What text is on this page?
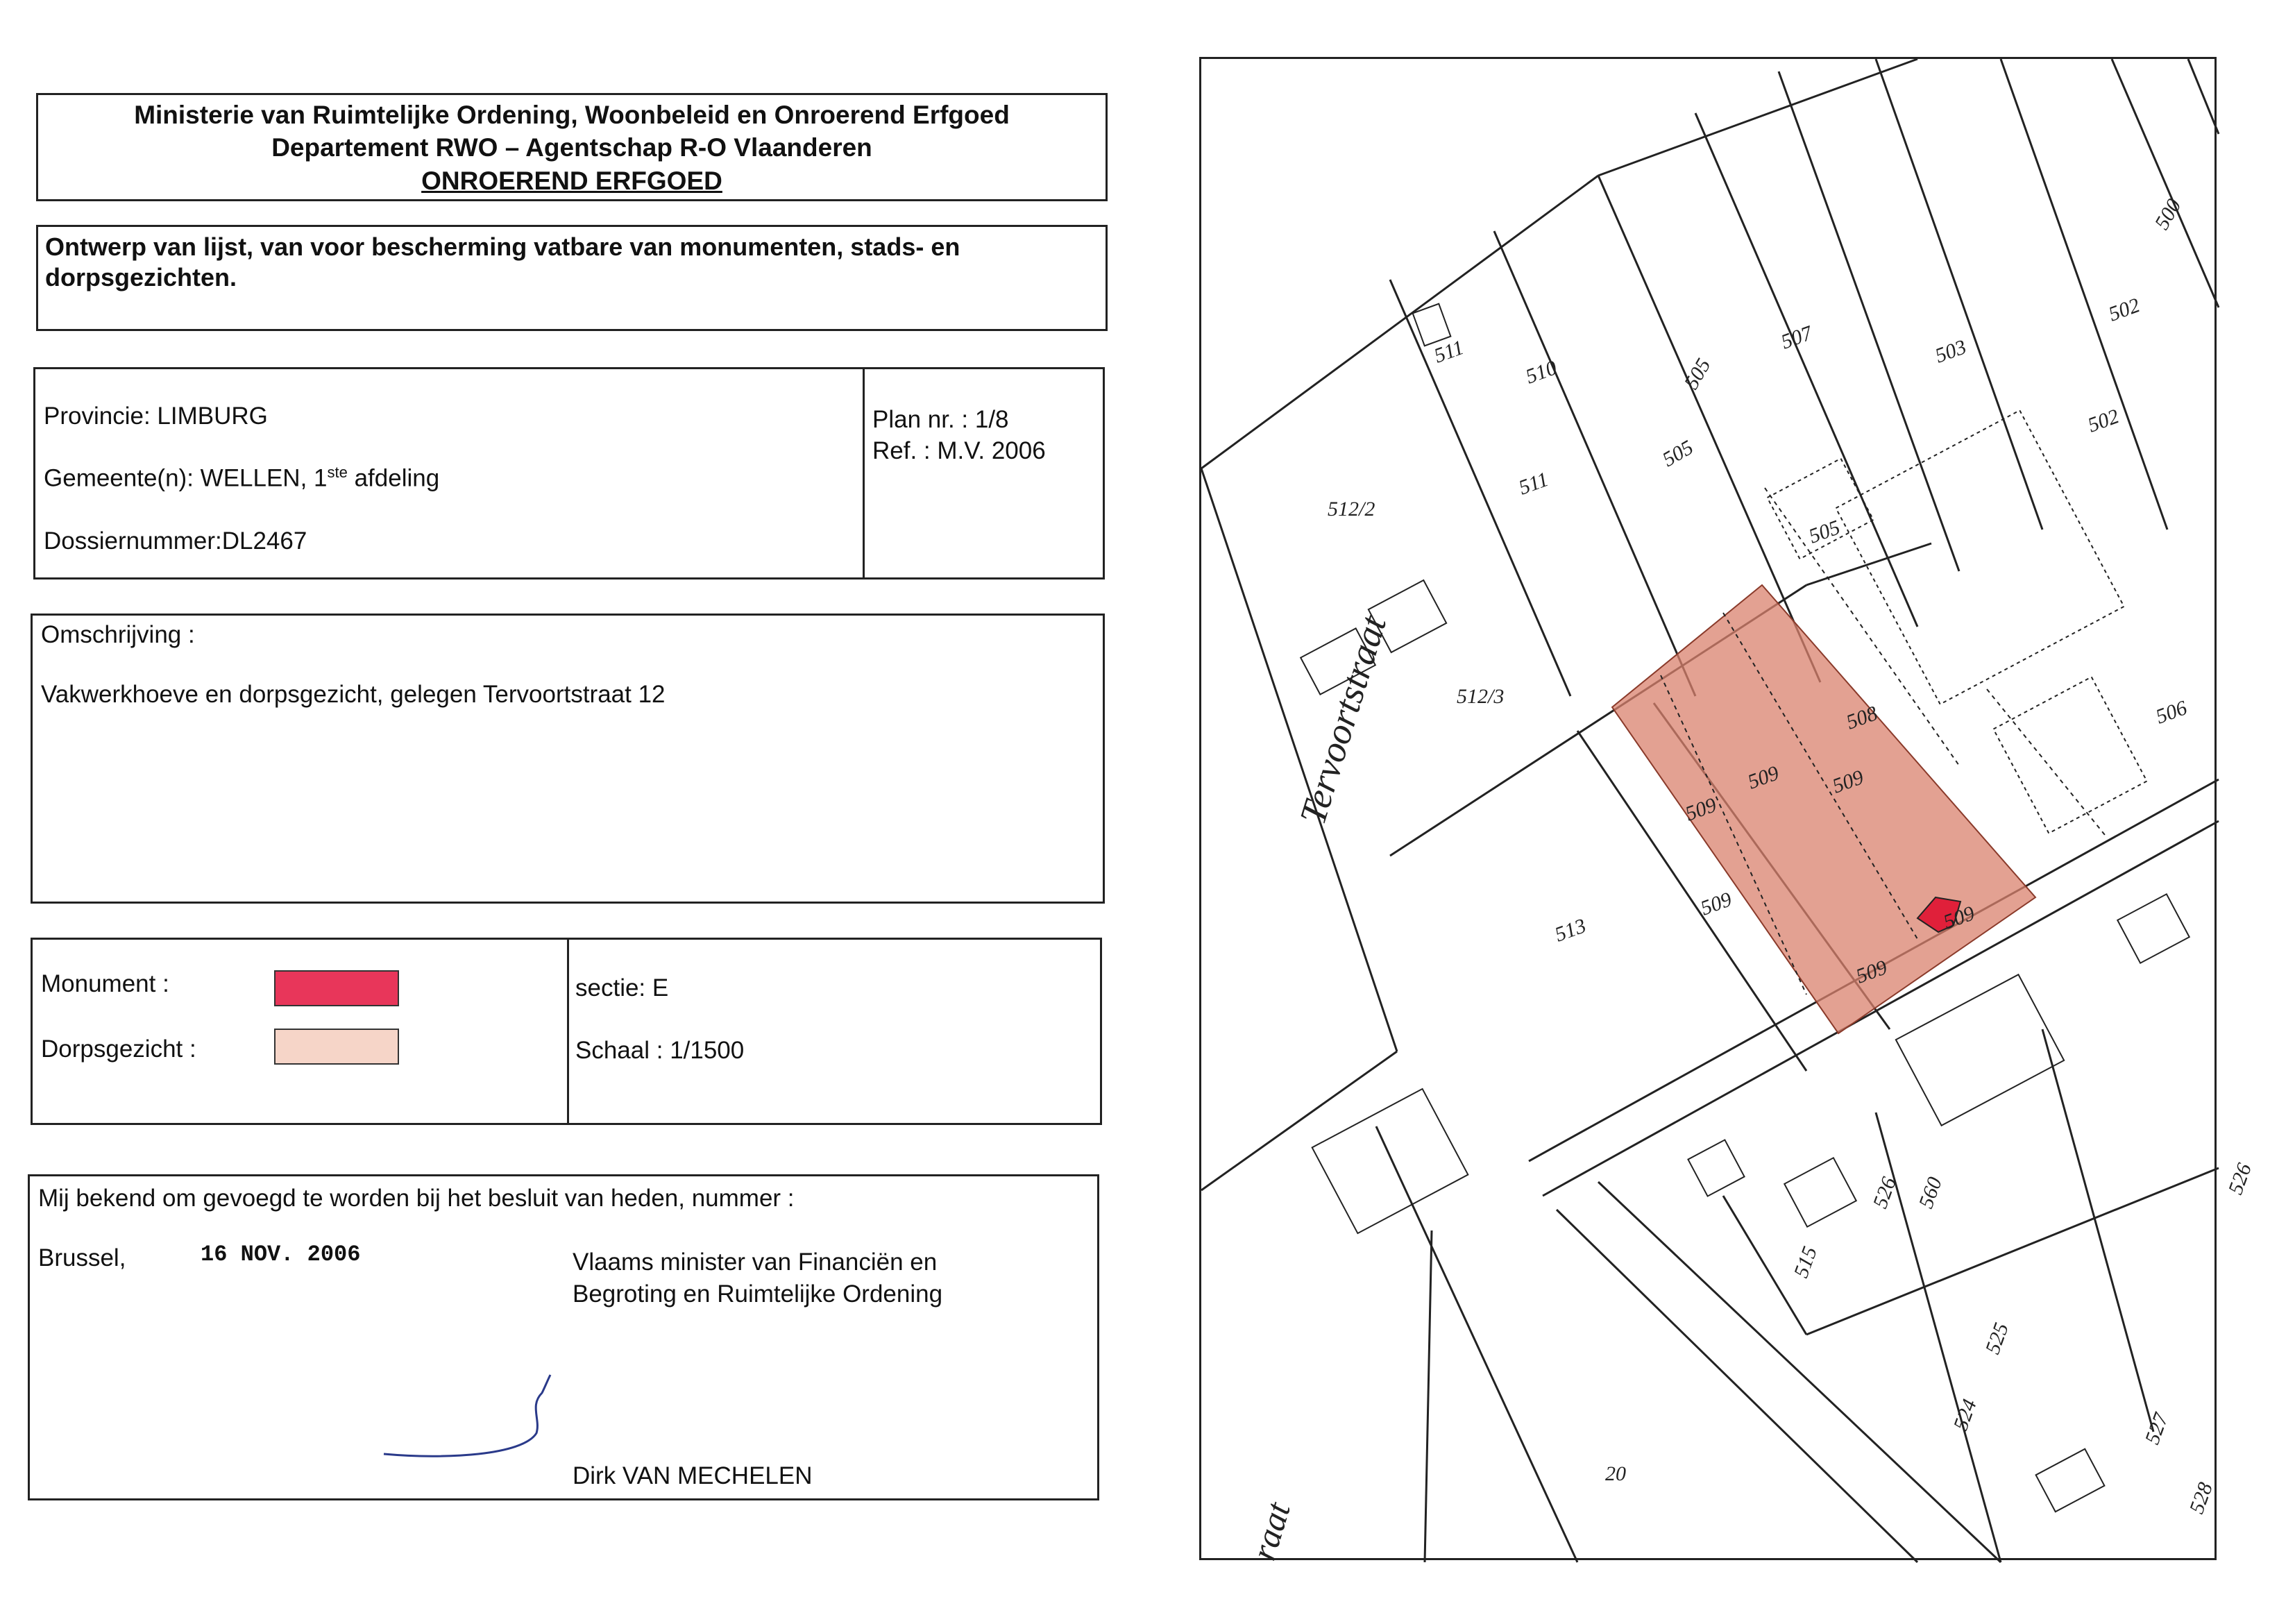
Ministerie van Ruimtelijke Ordening, Woonbeleid en Onroerend Erfgoed
Departement RWO – Agentschap R-O Vlaanderen
ONROEREND ERFGOED
Ontwerp van lijst, van voor bescherming vatbare van monumenten, stads- en
dorpsgezichten.
Provincie: LIMBURG
Gemeente(n): WELLEN, 1ste afdeling
Dossiernummer:DL2467
Plan nr. : 1/8
Ref. : M.V. 2006
Omschrijving :
Vakwerkhoeve en dorpsgezicht, gelegen Tervoortstraat 12
Monument :
Dorpsgezicht :
sectie: E
Schaal : 1/1500
Mij bekend om gevoegd te worden bij het besluit van heden, nummer :
Brussel,	16 NOV. 2006	Vlaams minister van Financiën en
Begroting en Ruimtelijke Ordening
Dirk VAN MECHELEN
Tervoortstraat
raat
511
510	505
507	503
502
500
502
511
505
505
512/2
512/3
508	506
509
509 509
509
513
509
509
560
526
515
526
525
524	527
528
20
